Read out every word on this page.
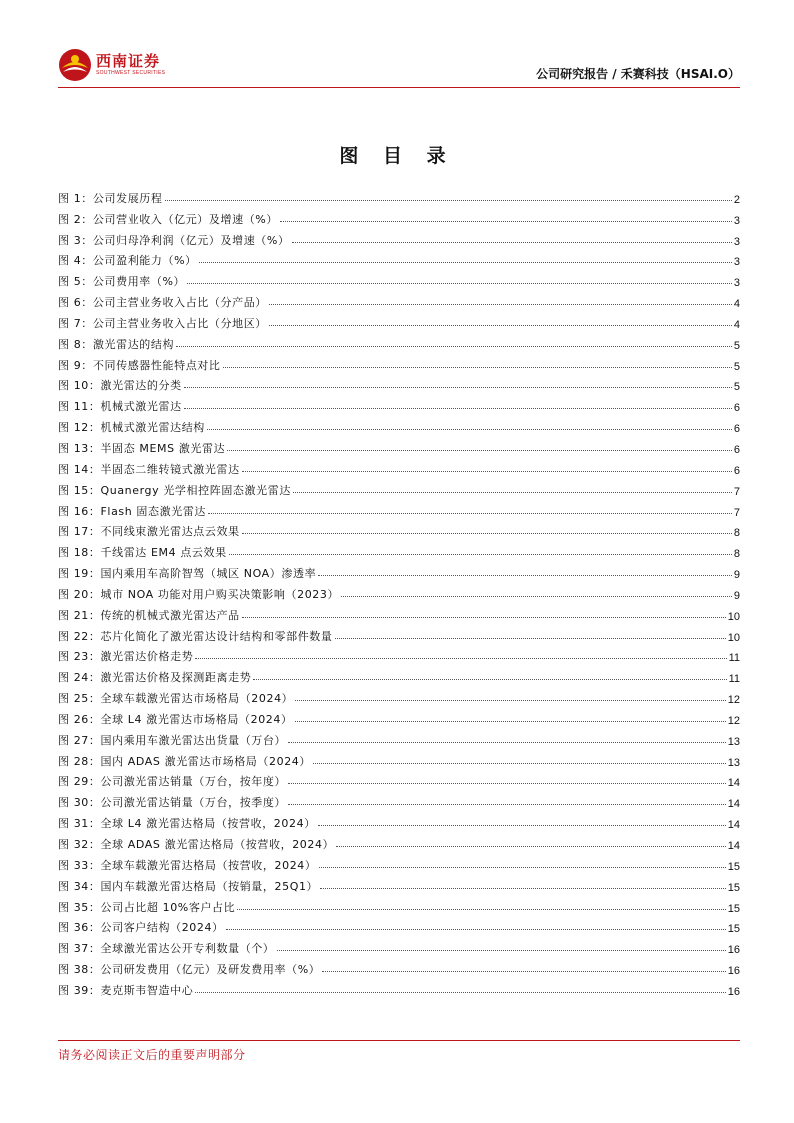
西南证券
SOUTHWEST SECURITIES	公司研究报告 / 禾赛科技（HSAI.O）
图 目 录
图 1：公司发展历程	2
图 2：公司营业收入（亿元）及增速（%）	3
图 3：公司归母净利润（亿元）及增速（%）	3
图 4：公司盈利能力（%）	3
图 5：公司费用率（%）	3
图 6：公司主营业务收入占比（分产品）	4
图 7：公司主营业务收入占比（分地区）	4
图 8：激光雷达的结构	5
图 9：不同传感器性能特点对比	5
图 10：激光雷达的分类	5
图 11：机械式激光雷达	6
图 12：机械式激光雷达结构	6
图 13：半固态 MEMS 激光雷达	6
图 14：半固态二维转镜式激光雷达	6
图 15：Quanergy 光学相控阵固态激光雷达	7
图 16：Flash 固态激光雷达	7
图 17：不同线束激光雷达点云效果	8
图 18：千线雷达 EM4 点云效果	8
图 19：国内乘用车高阶智驾（城区 NOA）渗透率	9
图 20：城市 NOA 功能对用户购买决策影响（2023）	9
图 21：传统的机械式激光雷达产品	10
图 22：芯片化简化了激光雷达设计结构和零部件数量	10
图 23：激光雷达价格走势	11
图 24：激光雷达价格及探测距离走势	11
图 25：全球车载激光雷达市场格局（2024）	12
图 26：全球 L4 激光雷达市场格局（2024）	12
图 27：国内乘用车激光雷达出货量（万台）	13
图 28：国内 ADAS 激光雷达市场格局（2024）	13
图 29：公司激光雷达销量（万台，按年度）	14
图 30：公司激光雷达销量（万台，按季度）	14
图 31：全球 L4 激光雷达格局（按营收，2024）	14
图 32：全球 ADAS 激光雷达格局（按营收，2024）	14
图 33：全球车载激光雷达格局（按营收，2024）	15
图 34：国内车载激光雷达格局（按销量，25Q1）	15
图 35：公司占比超 10%客户占比	15
图 36：公司客户结构（2024）	15
图 37：全球激光雷达公开专利数量（个）	16
图 38：公司研发费用（亿元）及研发费用率（%）	16
图 39：麦克斯韦智造中心	16
请务必阅读正文后的重要声明部分
